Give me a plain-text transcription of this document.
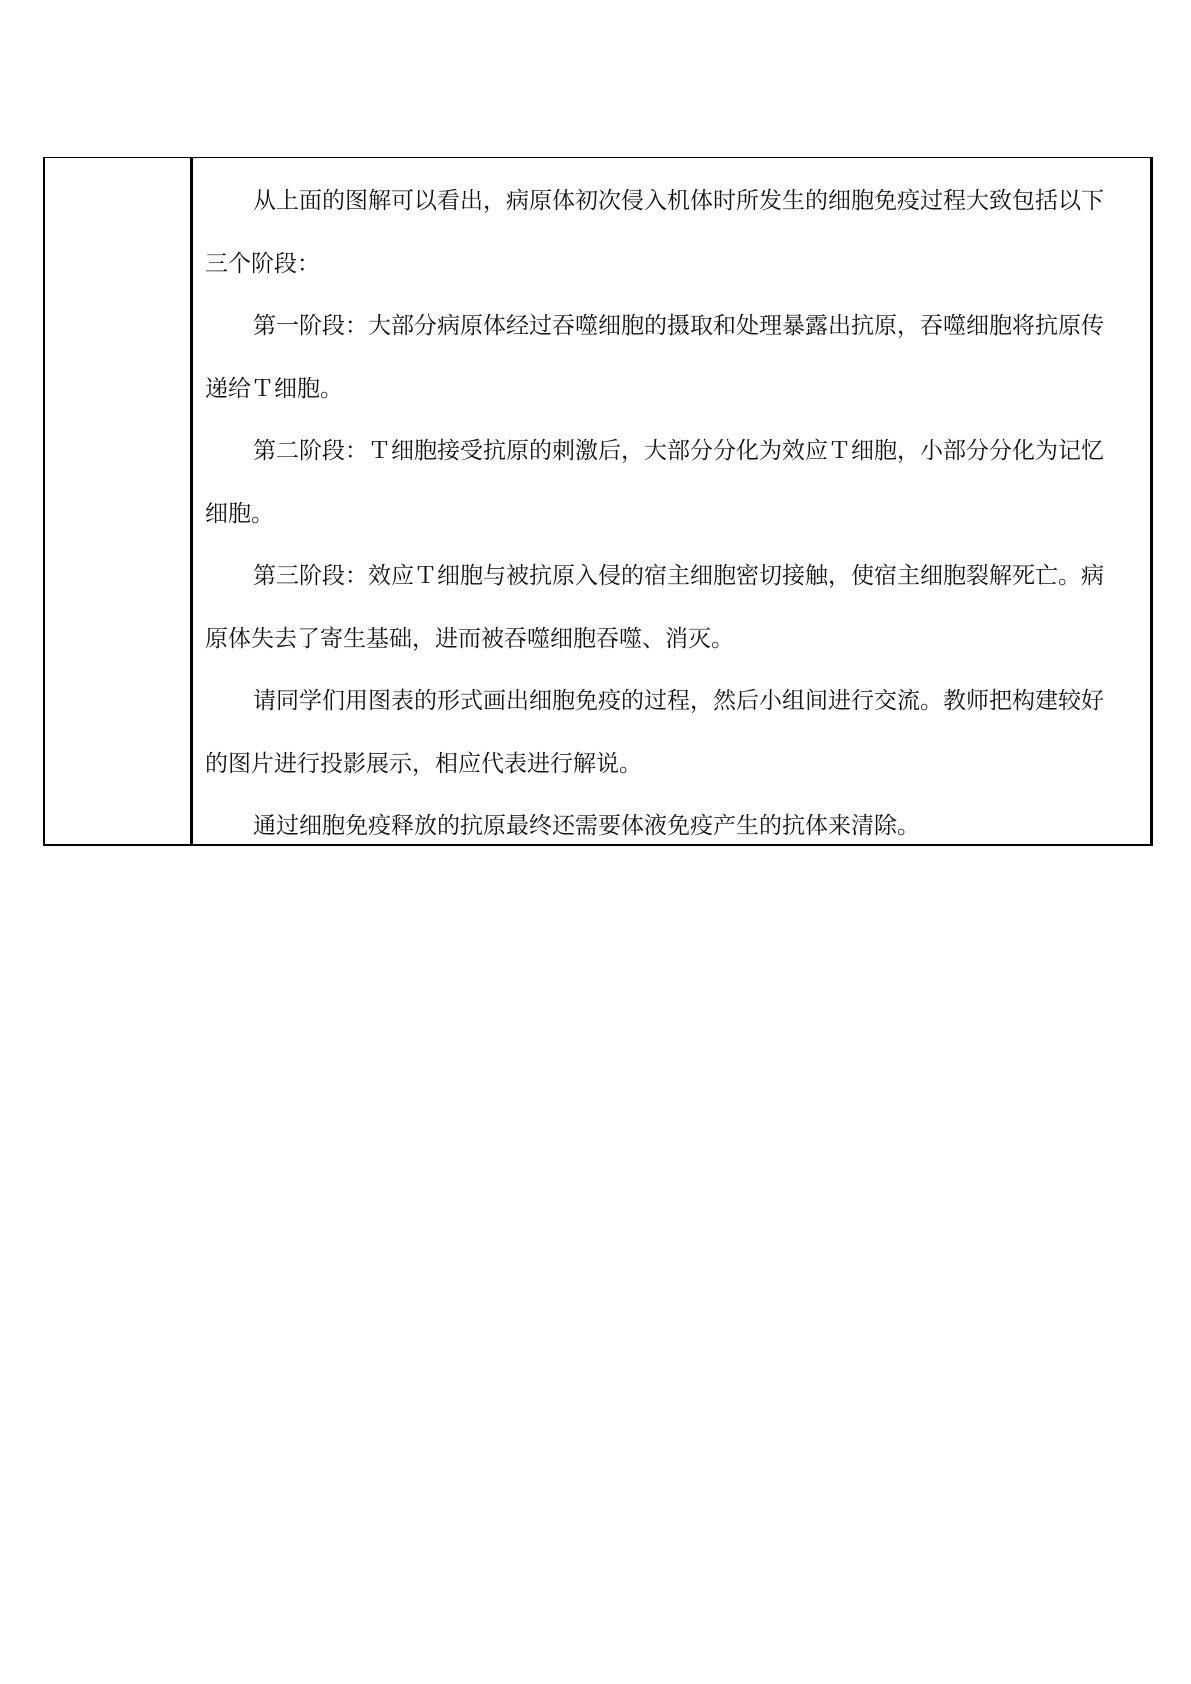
从上面的图解可以看出，病原体初次侵入机体时所发生的细胞免疫过程大致包括以下三个阶段：

第一阶段：大部分病原体经过吞噬细胞的摄取和处理暴露出抗原，吞噬细胞将抗原传递给Ｔ细胞。

第二阶段：Ｔ细胞接受抗原的刺激后，大部分分化为效应Ｔ细胞，小部分分化为记忆细胞。

第三阶段：效应Ｔ细胞与被抗原入侵的宿主细胞密切接触，使宿主细胞裂解死亡。病原体失去了寄生基础，进而被吞噬细胞吞噬、消灭。

请同学们用图表的形式画出细胞免疫的过程，然后小组间进行交流。教师把构建较好的图片进行投影展示，相应代表进行解说。

通过细胞免疫释放的抗原最终还需要体液免疫产生的抗体来清除。
